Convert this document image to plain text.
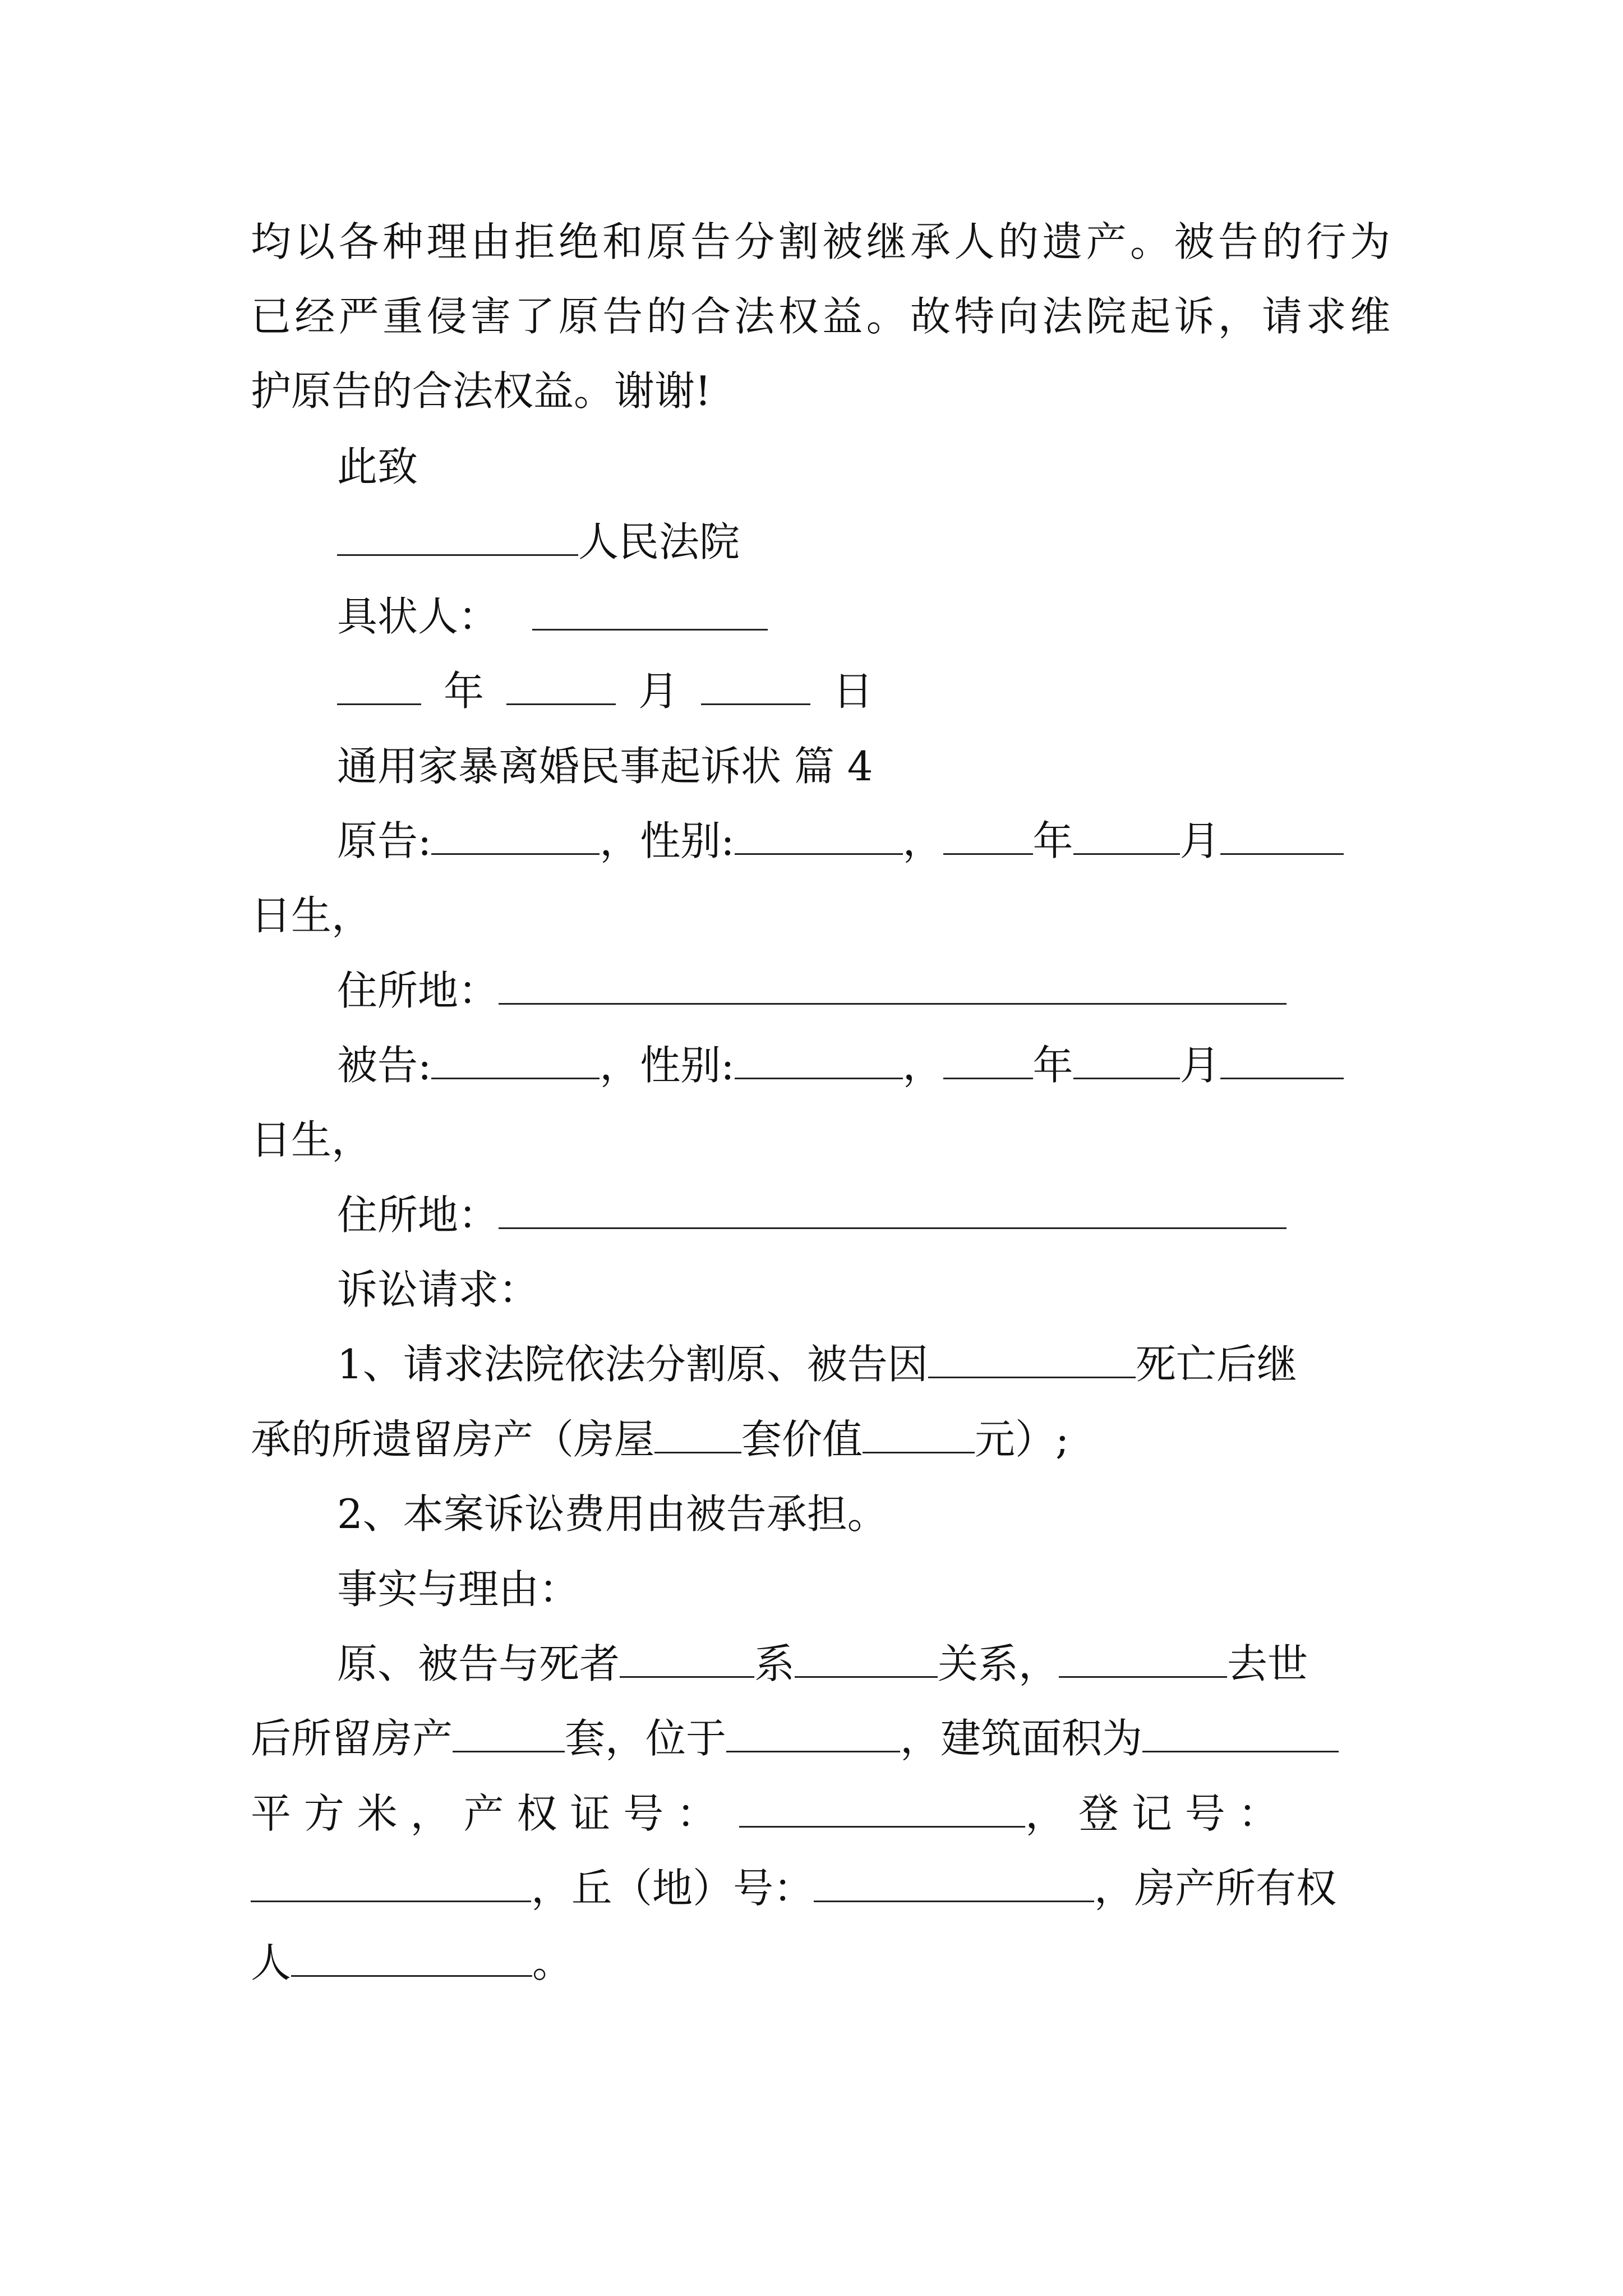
均以各种理由拒绝和原告分割被继承人的遗产。被告的行为
已经严重侵害了原告的合法权益。故特向法院起诉，请求维
护原告的合法权益。谢谢!
此致
人民法院
具状人：
年	月	日
通用家暴离婚民事起诉状 篇 4
原告:	，性别:	， 年	月
日生，
住所地：
被告:	，性别:	， 年	月
日生，
住所地：
诉讼请求：
1、请求法院依法分割原、被告因	死亡后继
承的所遗留房产（房屋 套价值	元）;
2、本案诉讼费用由被告承担。
事实与理由：
原、被告与死者	系	关系，	去世
后所留房产	套，位于	，建筑面积为
平 方 米 ， 产 权 证 号 ：	， 登 记 号 ：
，丘（地）号：	，房产所有权
人	。
